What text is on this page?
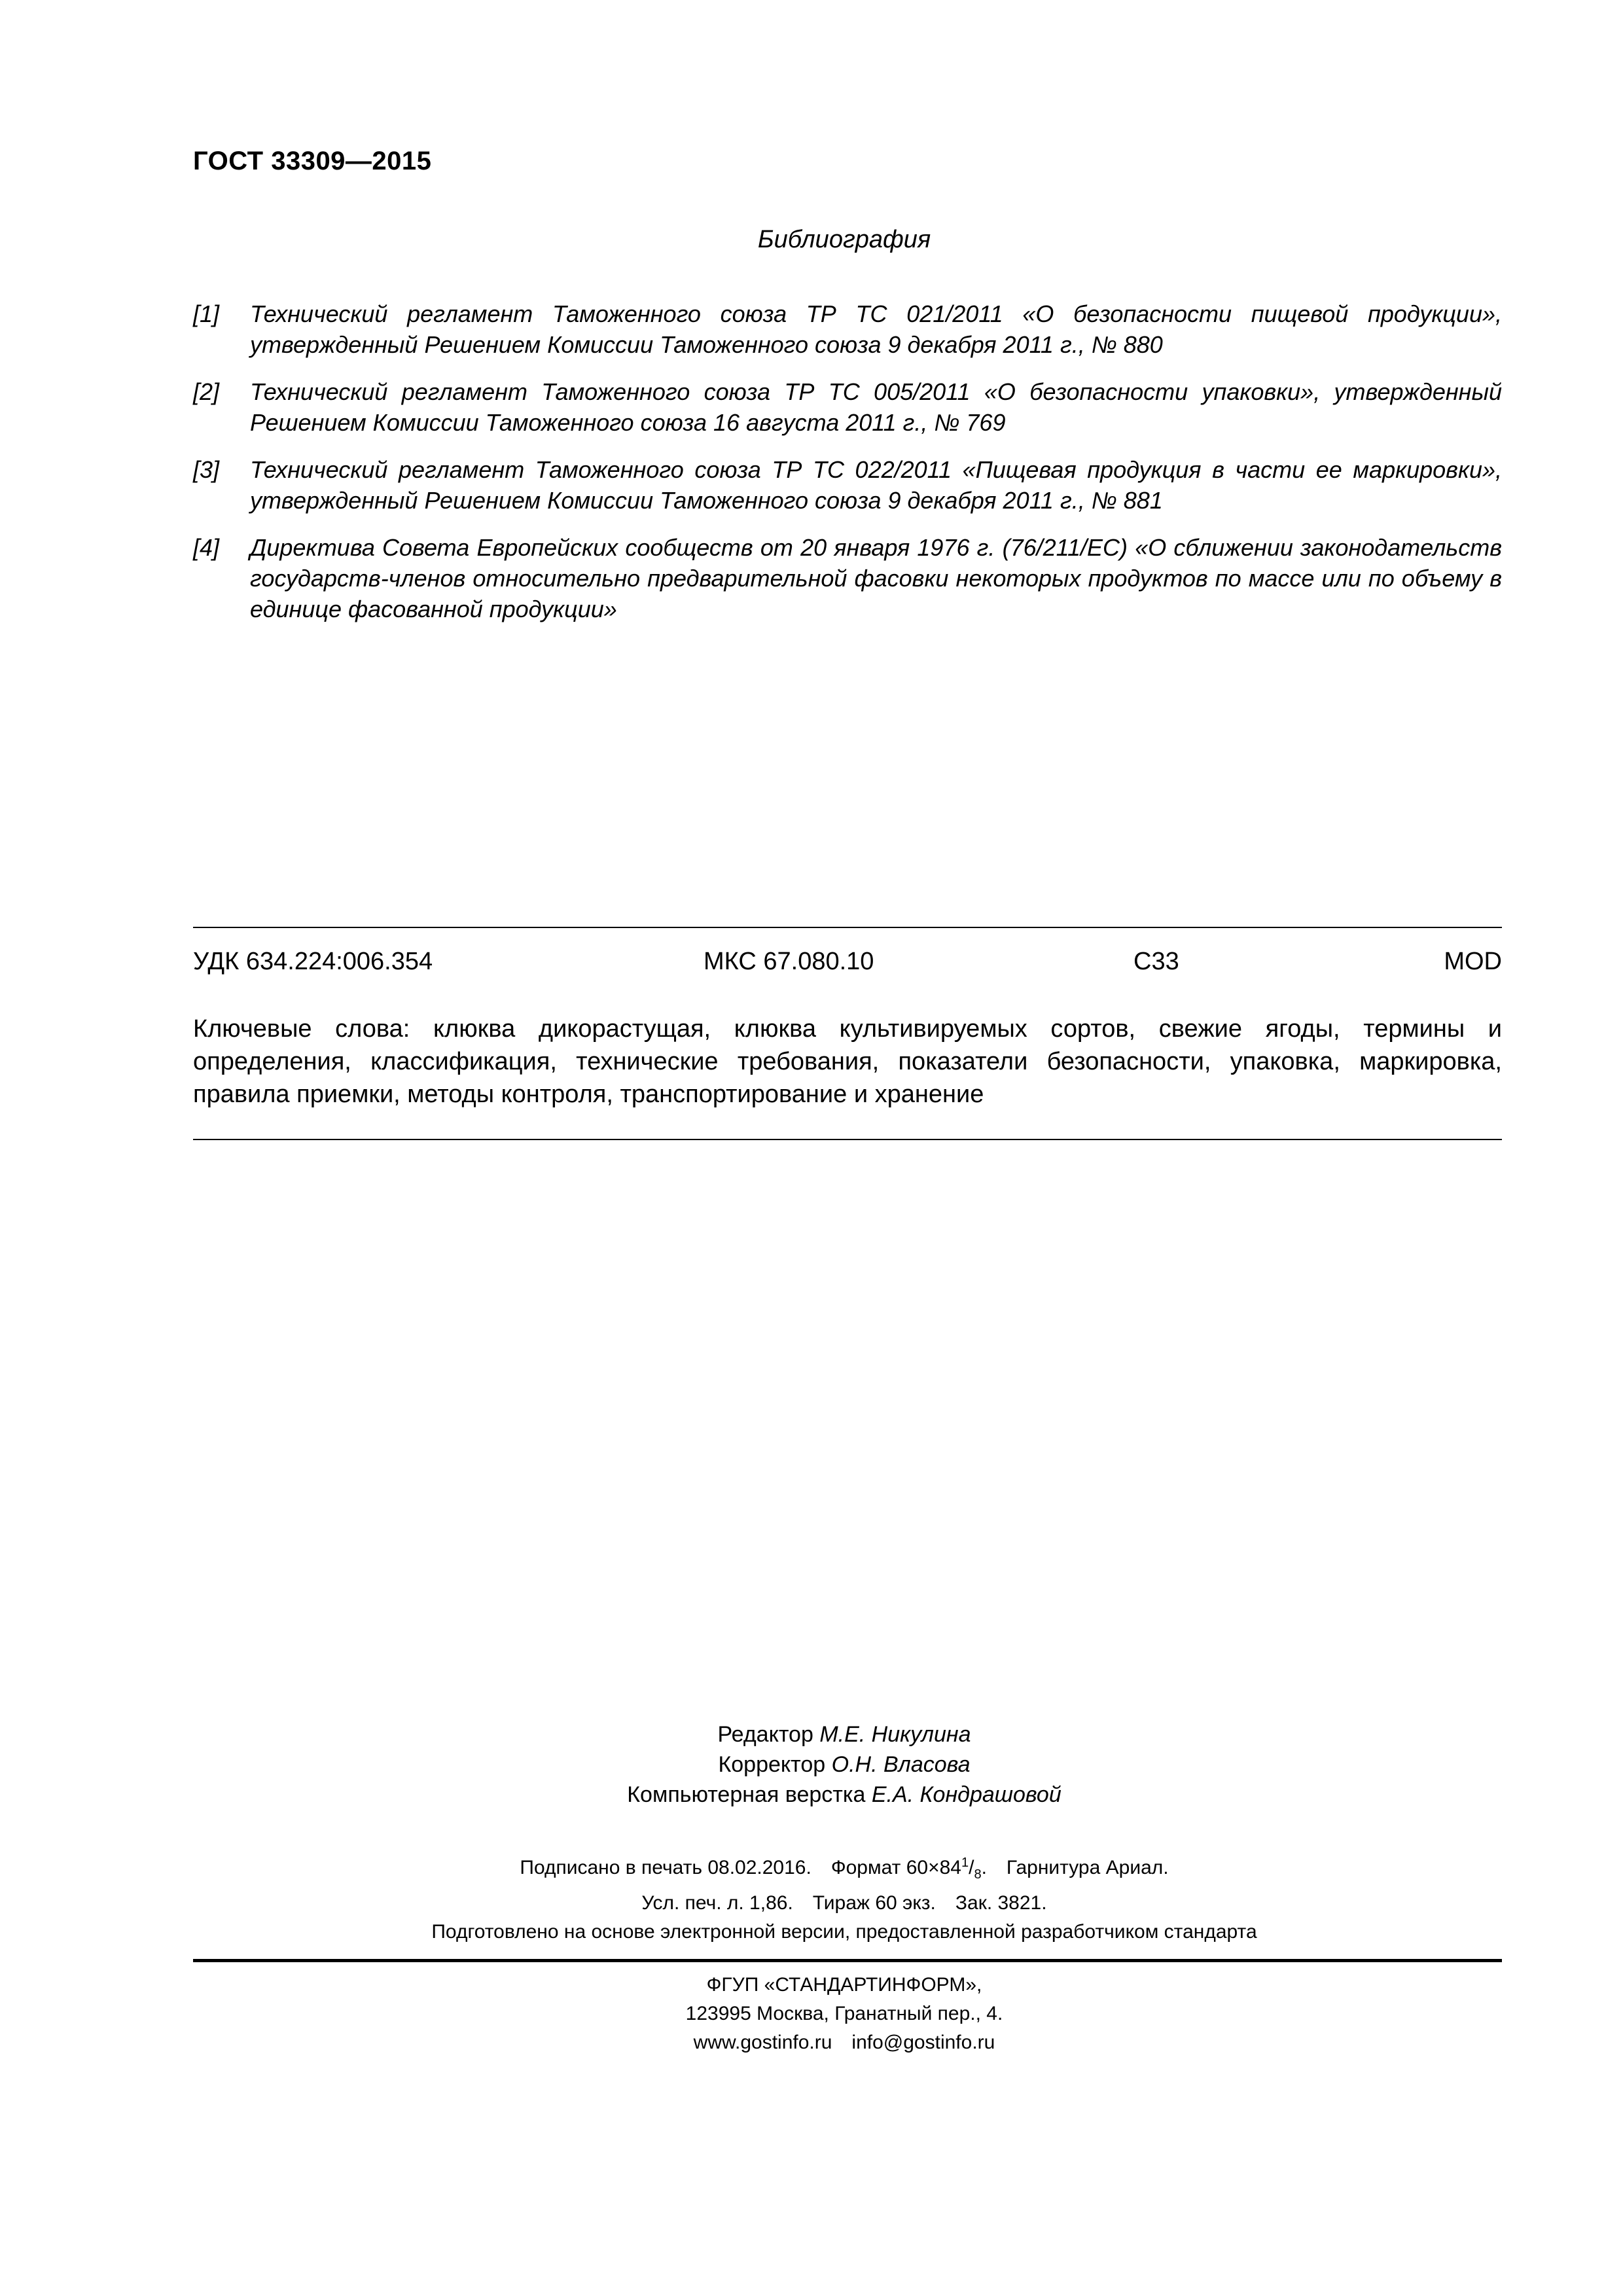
ГОСТ 33309—2015
Библиография
[1]	Технический регламент Таможенного союза ТР ТС 021/2011 «О безопасности пищевой продукции», утвержденный Решением Комиссии Таможенного союза 9 декабря 2011 г., № 880
[2]	Технический регламент Таможенного союза ТР ТС 005/2011 «О безопасности упаковки», утвержденный Решением Комиссии Таможенного союза 16 августа 2011 г., № 769
[3]	Технический регламент Таможенного союза ТР ТС 022/2011 «Пищевая продукция в части ее маркировки», утвержденный Решением Комиссии Таможенного союза 9 декабря 2011 г., № 881
[4]	Директива Совета Европейских сообществ от 20 января 1976 г. (76/211/ЕС) «О сближении законодательств государств-членов относительно предварительной фасовки некоторых продуктов по массе или по объему в единице фасованной продукции»
УДК 634.224:006.354	МКС 67.080.10	С33	MOD
Ключевые слова: клюква дикорастущая, клюква культивируемых сортов, свежие ягоды, термины и определения, классификация, технические требования, показатели безопасности, упаковка, маркировка, правила приемки, методы контроля, транспортирование и хранение
Редактор М.Е. Никулина
Корректор О.Н. Власова
Компьютерная верстка Е.А. Кондрашовой
Подписано в печать 08.02.2016. Формат $60\times 84^1/_8$. Гарнитура Ариал.
Усл. печ. л. 1,86. Тираж 60 экз. Зак. 3821.
Подготовлено на основе электронной версии, предоставленной разработчиком стандарта
ФГУП «СТАНДАРТИНФОРМ»,
123995 Москва, Гранатный пер., 4.
www.gostinfo.ru info@gostinfo.ru
